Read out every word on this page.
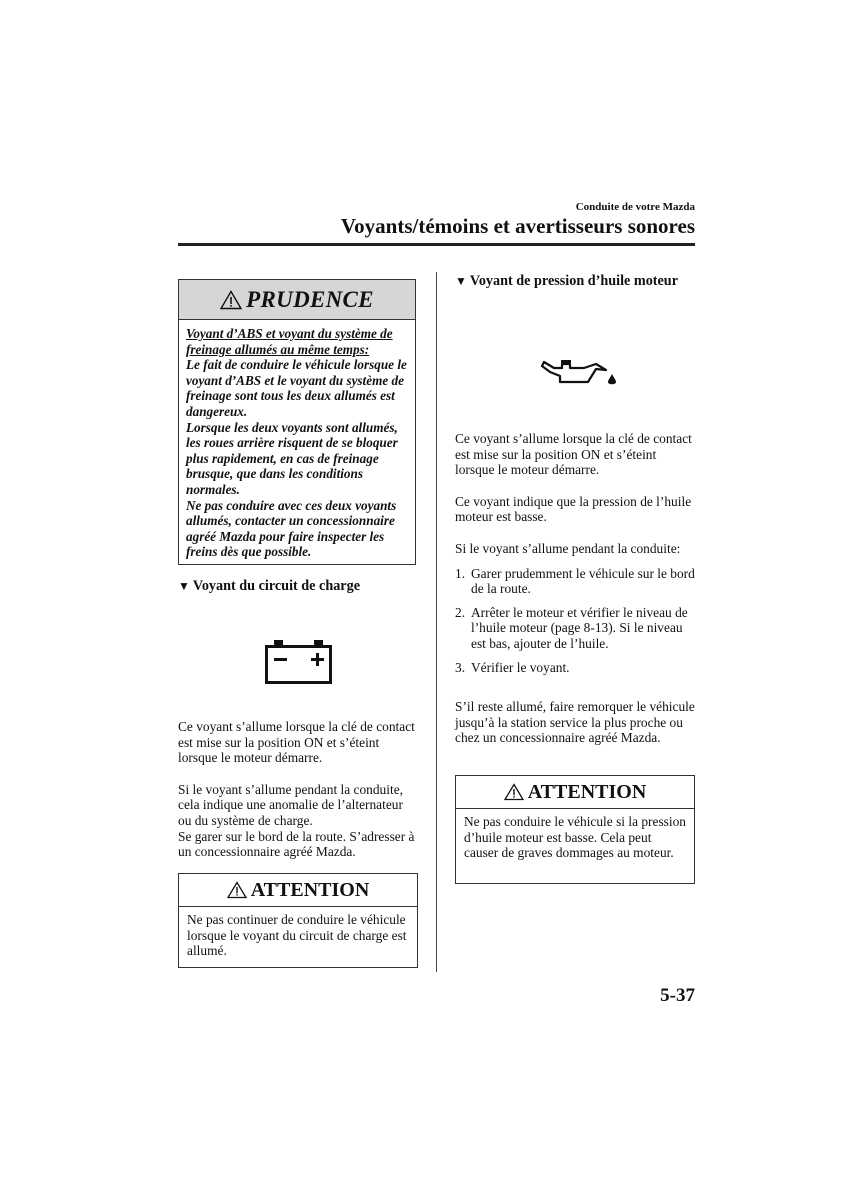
Conduite de votre Mazda
Voyants/témoins et avertisseurs sonores
PRUDENCE

Voyant d’ABS et voyant du système de freinage allumés au même temps:

Le fait de conduire le véhicule lorsque le voyant d’ABS et le voyant du système de freinage sont tous les deux allumés est dangereux.

Lorsque les deux voyants sont allumés, les roues arrière risquent de se bloquer plus rapidement, en cas de freinage brusque, que dans les conditions normales.

Ne pas conduire avec ces deux voyants allumés, contacter un concessionnaire agréé Mazda pour faire inspecter les freins dès que possible.

▼ Voyant du circuit de charge

Ce voyant s’allume lorsque la clé de contact est mise sur la position ON et s’éteint lorsque le moteur démarre.

Si le voyant s’allume pendant la conduite, cela indique une anomalie de l’alternateur ou du système de charge.

Se garer sur le bord de la route. S’adresser à un concessionnaire agréé Mazda.

ATTENTION

Ne pas continuer de conduire le véhicule lorsque le voyant du circuit de charge est allumé.

▼ Voyant de pression d’huile moteur

Ce voyant s’allume lorsque la clé de contact est mise sur la position ON et s’éteint lorsque le moteur démarre.

Ce voyant indique que la pression de l’huile moteur est basse.

Si le voyant s’allume pendant la conduite:

1. Garer prudemment le véhicule sur le bord de la route.
2. Arrêter le moteur et vérifier le niveau de l’huile moteur (page 8-13). Si le niveau est bas, ajouter de l’huile.
3. Vérifier le voyant.

S’il reste allumé, faire remorquer le véhicule jusqu’à la station service la plus proche ou chez un concessionnaire agréé Mazda.

ATTENTION

Ne pas conduire le véhicule si la pression d’huile moteur est basse. Cela peut causer de graves dommages au moteur.

5-37
